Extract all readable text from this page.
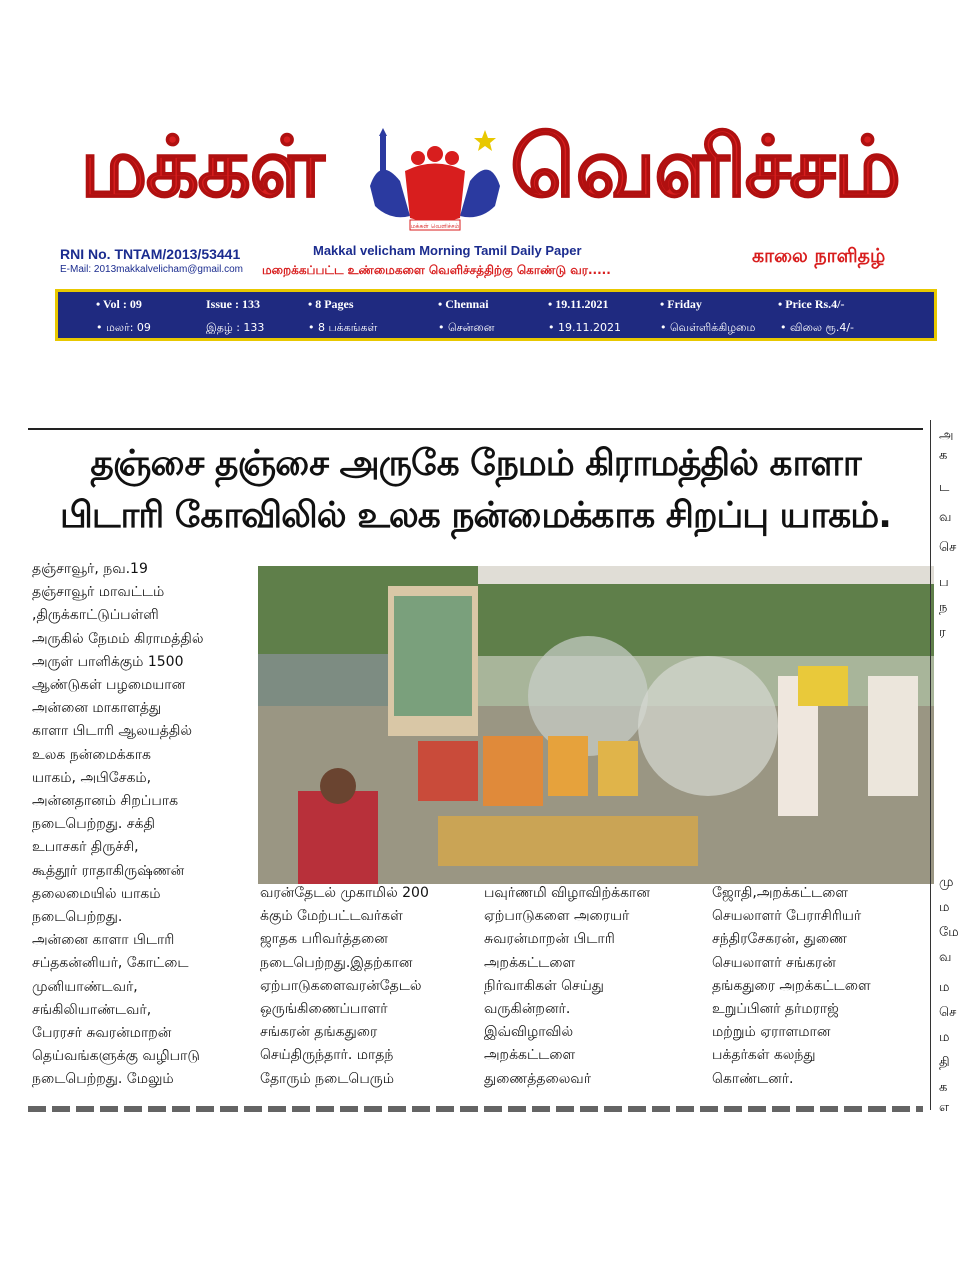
மக்கள்
மக்கள் வெளிச்சம்
வெளிச்சம்
RNI No. TNTAM/2013/53441
E-Mail: 2013makkalvelicham@gmail.com
Makkal velicham Morning Tamil Daily Paper
மறைக்கப்பட்ட உண்மைகளை வெளிச்சத்திற்கு கொண்டு வர.....
காலை நாளிதழ்
• Vol : 09	Issue : 133	• 8 Pages	• Chennai	• 19.11.2021	• Friday	• Price Rs.4/-
• மலர்: 09	இதழ் : 133	• 8 பக்கங்கள்	• சென்னை	• 19.11.2021	• வெள்ளிக்கிழமை • விலை ரூ.4/-
தஞ்சை தஞ்சை அருகே நேமம் கிராமத்தில் காளா
பிடாரி கோவிலில் உலக நன்மைக்காக சிறப்பு யாகம்.
தஞ்சாவூர், நவ.19
தஞ்சாவூர் மாவட்டம்
,திருக்காட்டுப்பள்ளி
அருகில் நேமம் கிராமத்தில்
அருள் பாளிக்கும் 1500
ஆண்டுகள் பழமையான
அன்னை மாகாளத்து
காளா பிடாரி ஆலயத்தில்
உலக நன்மைக்காக
யாகம், அபிசேகம்,
அன்னதானம் சிறப்பாக
நடைபெற்றது. சக்தி
உபாசகர் திருச்சி,
கூத்தூர் ராதாகிருஷ்ணன்
தலைமையில் யாகம்
நடைபெற்றது.
அன்னை காளா பிடாரி
சப்தகன்னியர், கோட்டை
முனியாண்டவர்,
சங்கிலியாண்டவர்,
பேரரசர் சுவரன்மாறன்
தெய்வங்களுக்கு வழிபாடு
நடைபெற்றது. மேலும்
வரன்தேடல் முகாமில் 200
க்கும் மேற்பட்டவர்கள்
ஜாதக பரிவர்த்தனை
நடைபெற்றது.இதற்கான
ஏற்பாடுகளைவரன்தேடல்
ஒருங்கிணைப்பாளர்
சங்கரன் தங்கதுரை
செய்திருந்தார். மாதந்
தோரும் நடைபெரும்
பவுர்ணமி விழாவிற்க்கான
ஏற்பாடுகளை அரையர்
சுவரன்மாறன் பிடாரி
அறக்கட்டளை
நிர்வாகிகள் செய்து
வருகின்றனர்.
இவ்விழாவில்
அறக்கட்டளை
துணைத்தலைவர்
ஜோதி,அறக்கட்டளை
செயலாளர் பேராசிரியர்
சந்திரசேகரன், துணை
செயலாளர் சங்கரன்
தங்கதுரை அறக்கட்டளை
உறுப்பினர் தர்மராஜ்
மற்றும் ஏராளமான
பக்தர்கள் கலந்து
கொண்டனர்.
அ
க
ட
வ
செ
ப
ந
ர
மு
ம
மே
வ
ம
செ
ம
தி
க
எ
